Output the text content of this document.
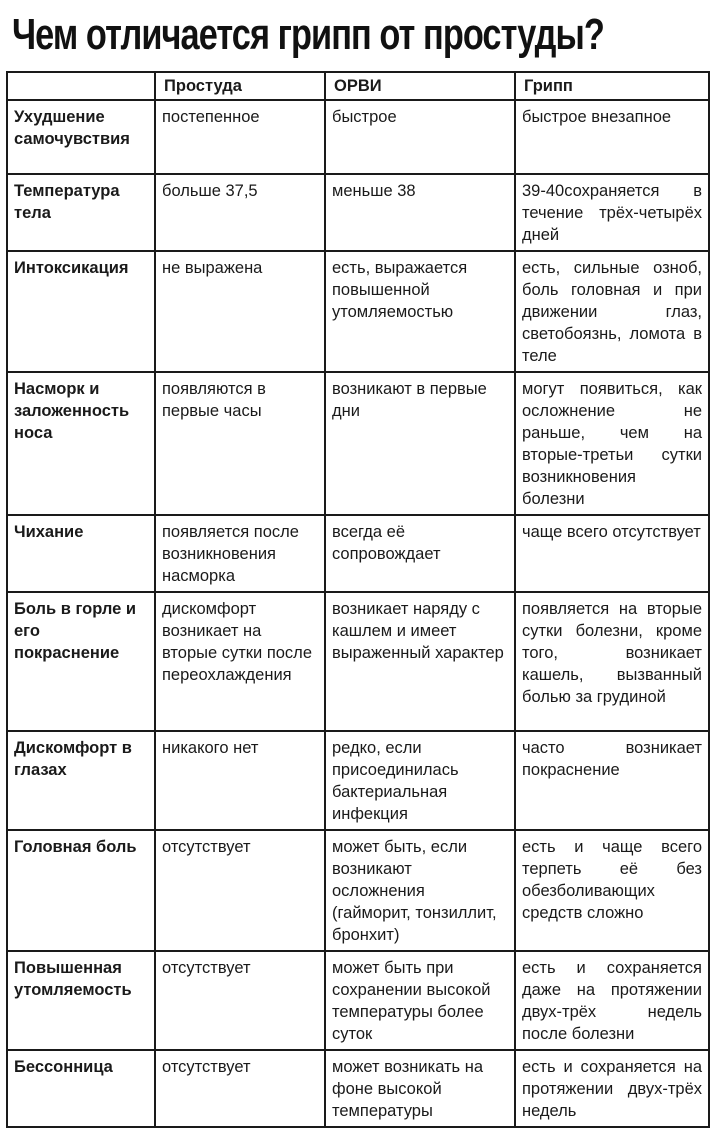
Чем отличается грипп от простуды?
	Простуда	ОРВИ	Грипп
Ухудшение самочувствия	постепенное	быстрое	быстрое внезапное
Температура тела	больше 37,5	меньше 38	39-40сохраняется в течение трёх-четырёх дней
Интоксикация	не выражена	есть, выражается повышенной утомляемостью	есть, сильные озноб, боль головная и при движении глаз, светобоязнь, ломота в теле
Насморк и заложенность носа	появляются в первые часы	возникают в первые дни	могут появиться, как осложнение не раньше, чем на вторые-третьи сутки возникновения болезни
Чихание	появляется после возникновения насморка	всегда её сопровождает	чаще всего отсутствует
Боль в горле и его покраснение	дискомфорт возникает на вторые сутки после переохлаждения	возникает наряду с кашлем и имеет выраженный характер	появляется на вторые сутки болезни, кроме того, возникает кашель, вызванный болью за грудиной
Дискомфорт в глазах	никакого нет	редко, если присоединилась бактериальная инфекция	часто возникает покраснение
Головная боль	отсутствует	может быть, если возникают осложнения (гайморит, тонзиллит, бронхит)	есть и чаще всего терпеть её без обезболивающих средств сложно
Повышенная утомляемость	отсутствует	может быть при сохранении высокой температуры более суток	есть и сохраняется даже на протяжении двух-трёх недель после болезни
Бессонница	отсутствует	может возникать на фоне высокой температуры	есть и сохраняется на протяжении двух-трёх недель
